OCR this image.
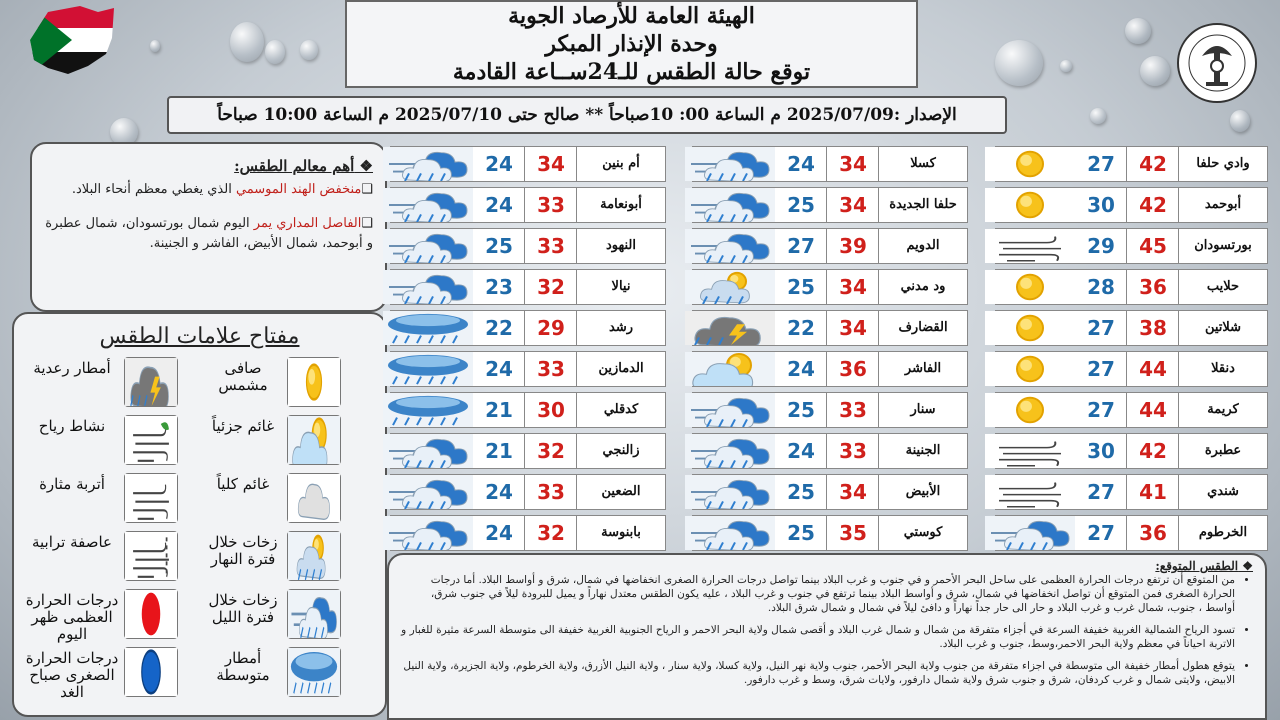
الهيئة العامة للأرصاد الجوية
وحدة الإنذار المبكر
توقع حالة الطقس للـ24ســاعة القادمة
الإصدار :2025/07/09 م الساعة 00: 10صباحاً ** صالح حتى 2025/07/10 م الساعة 10:00 صباحاً
❖ أهم معالم الطقس:

❑منخفض الهند الموسمي الذي يغطي معظم أنحاء البلاد.

❑الفاصل المداري يمر اليوم شمال بورتسودان، شمال عطبرة و أبوحمد، شمال الأبيض، الفاشر و الجنينة.

مفتاح علامات الطقس
صافى مشمس
أمطار رعدية
غائم جزئياً
نشاط رياح
غائم كلياً
أتربة مثارة
زخات خلال فترة النهار
عاصفة ترابية
زخات خلال فترة الليل
درجات الحرارة العظمى ظهر اليوم
أمطار متوسطة
درجات الحرارة الصغرى صباح الغد
وادي حلفا
42
27
أبوحمد
42
30
بورتسودان
45
29
حلايب
36
28
شلاتين
38
27
دنقلا
44
27
كريمة
44
27
عطبرة
42
30
شندي
41
27
الخرطوم
36
27
كسلا
34
24
حلفا الجديدة
34
25
الدويم
39
27
ود مدني
34
25
القضارف
34
22
الفاشر
36
24
سنار
33
25
الجنينة
33
24
الأبيض
34
25
كوستي
35
25
أم بنين
34
24
أبونعامة
33
24
النهود
33
25
نيالا
32
23
رشد
29
22
الدمازين
33
24
كدقلي
30
21
زالنجي
32
21
الضعين
33
24
بابنوسة
32
24
❖ الطقس المتوقع:
• من المتوقع أن ترتفع درجات الحرارة العظمى على ساحل البحر الأحمر و في جنوب و غرب البلاد بينما تواصل درجات الحرارة الصغرى انخفاضها في شمال، شرق و أواسط البلاد. أما درجات الحرارة الصغرى فمن المتوقع أن تواصل انخفاضها في شمال، شرق و أواسط البلاد بينما ترتفع في جنوب و غرب البلاد ، عليه يكون الطقس معتدل نهاراً و يميل للبرودة ليلاً في جنوب شرق، أواسط ، جنوب، شمال غرب و غرب البلاد و حار الى حار جداً نهاراً و دافئ ليلاً في شمال و شمال شرق البلاد.
• تسود الرياح الشمالية الغربية خفيفة السرعة في أجزاء متفرقة من شمال و شمال غرب البلاد و أقصى شمال ولاية البحر الاحمر و الرياح الجنوبية الغربية خفيفة الى متوسطة السرعة مثيرة للغبار و الاتربة احياناً في معظم ولاية البحر الاحمر،وسط، جنوب و غرب البلاد.
• يتوقع هطول أمطار خفيفة الى متوسطة في اجزاء متفرقة من جنوب ولاية البحر الأحمر، جنوب ولاية نهر النيل، ولاية كسلا، ولاية سنار ، ولاية النيل الأزرق، ولاية الخرطوم، ولاية الجزيرة، ولاية النيل الابيض، ولايتى شمال و غرب كردفان، شرق و جنوب شرق ولاية شمال دارفور، ولايات شرق، وسط و غرب دارفور.
